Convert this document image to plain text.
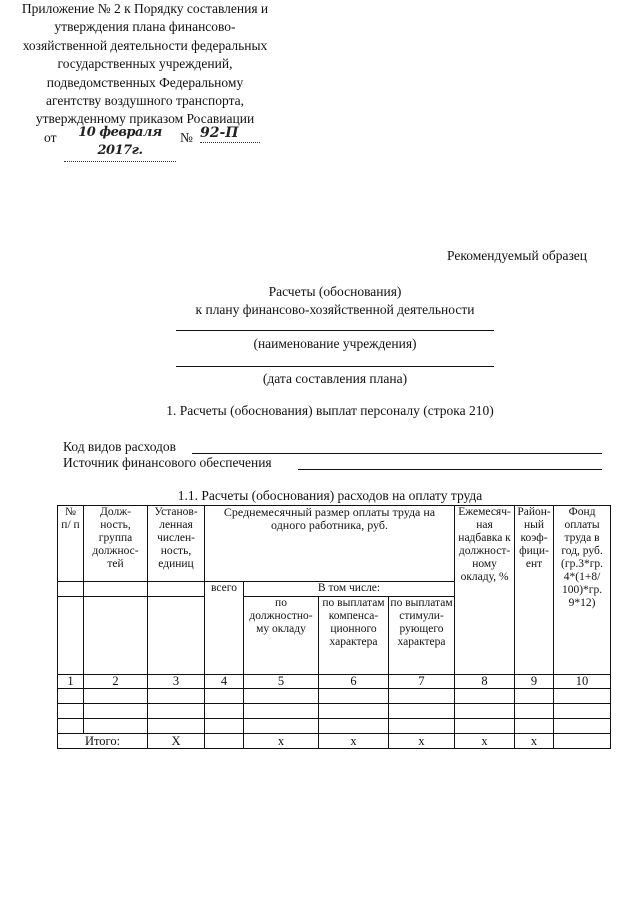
Приложение № 2 к Порядку составления и
утверждения плана финансово-
хозяйственной деятельности федеральных
государственных учреждений,
подведомственных Федеральному
агентству воздушного транспорта,
утвержденному приказом Росавиации
от	10 февраля 2017г.
№ 92-П
Рекомендуемый образец
Расчеты (обоснования)
к плану финансово-хозяйственной деятельности
(наименование учреждения)
(дата составления плана)
1. Расчеты (обоснования) выплат персоналу (строка 210)
Код видов расходов
Источник финансового обеспечения
1.1. Расчеты (обоснования) расходов на оплату труда
№ п/ п	Долж- ность, группа должнос- тей	Установ- ленная числен- ность, единиц	Среднемесячный размер оплаты труда на одного работника, руб.				Ежемесяч- ная надбавка к должност- ному окладу, %	Район- ный коэф- фици- ент	Фонд оплаты труда в год, руб. (гр.3*гр. 4*(1+8/ 100)*гр. 9*12)
			всего	В том числе:					
				по должностно- му окладу	по выплатам компенса- ционного характера	по выплатам стимули- рующего характера			
1	2	3	4	5	6	7	8	9	10

Итого:		Х		х	х	х	х	х	
